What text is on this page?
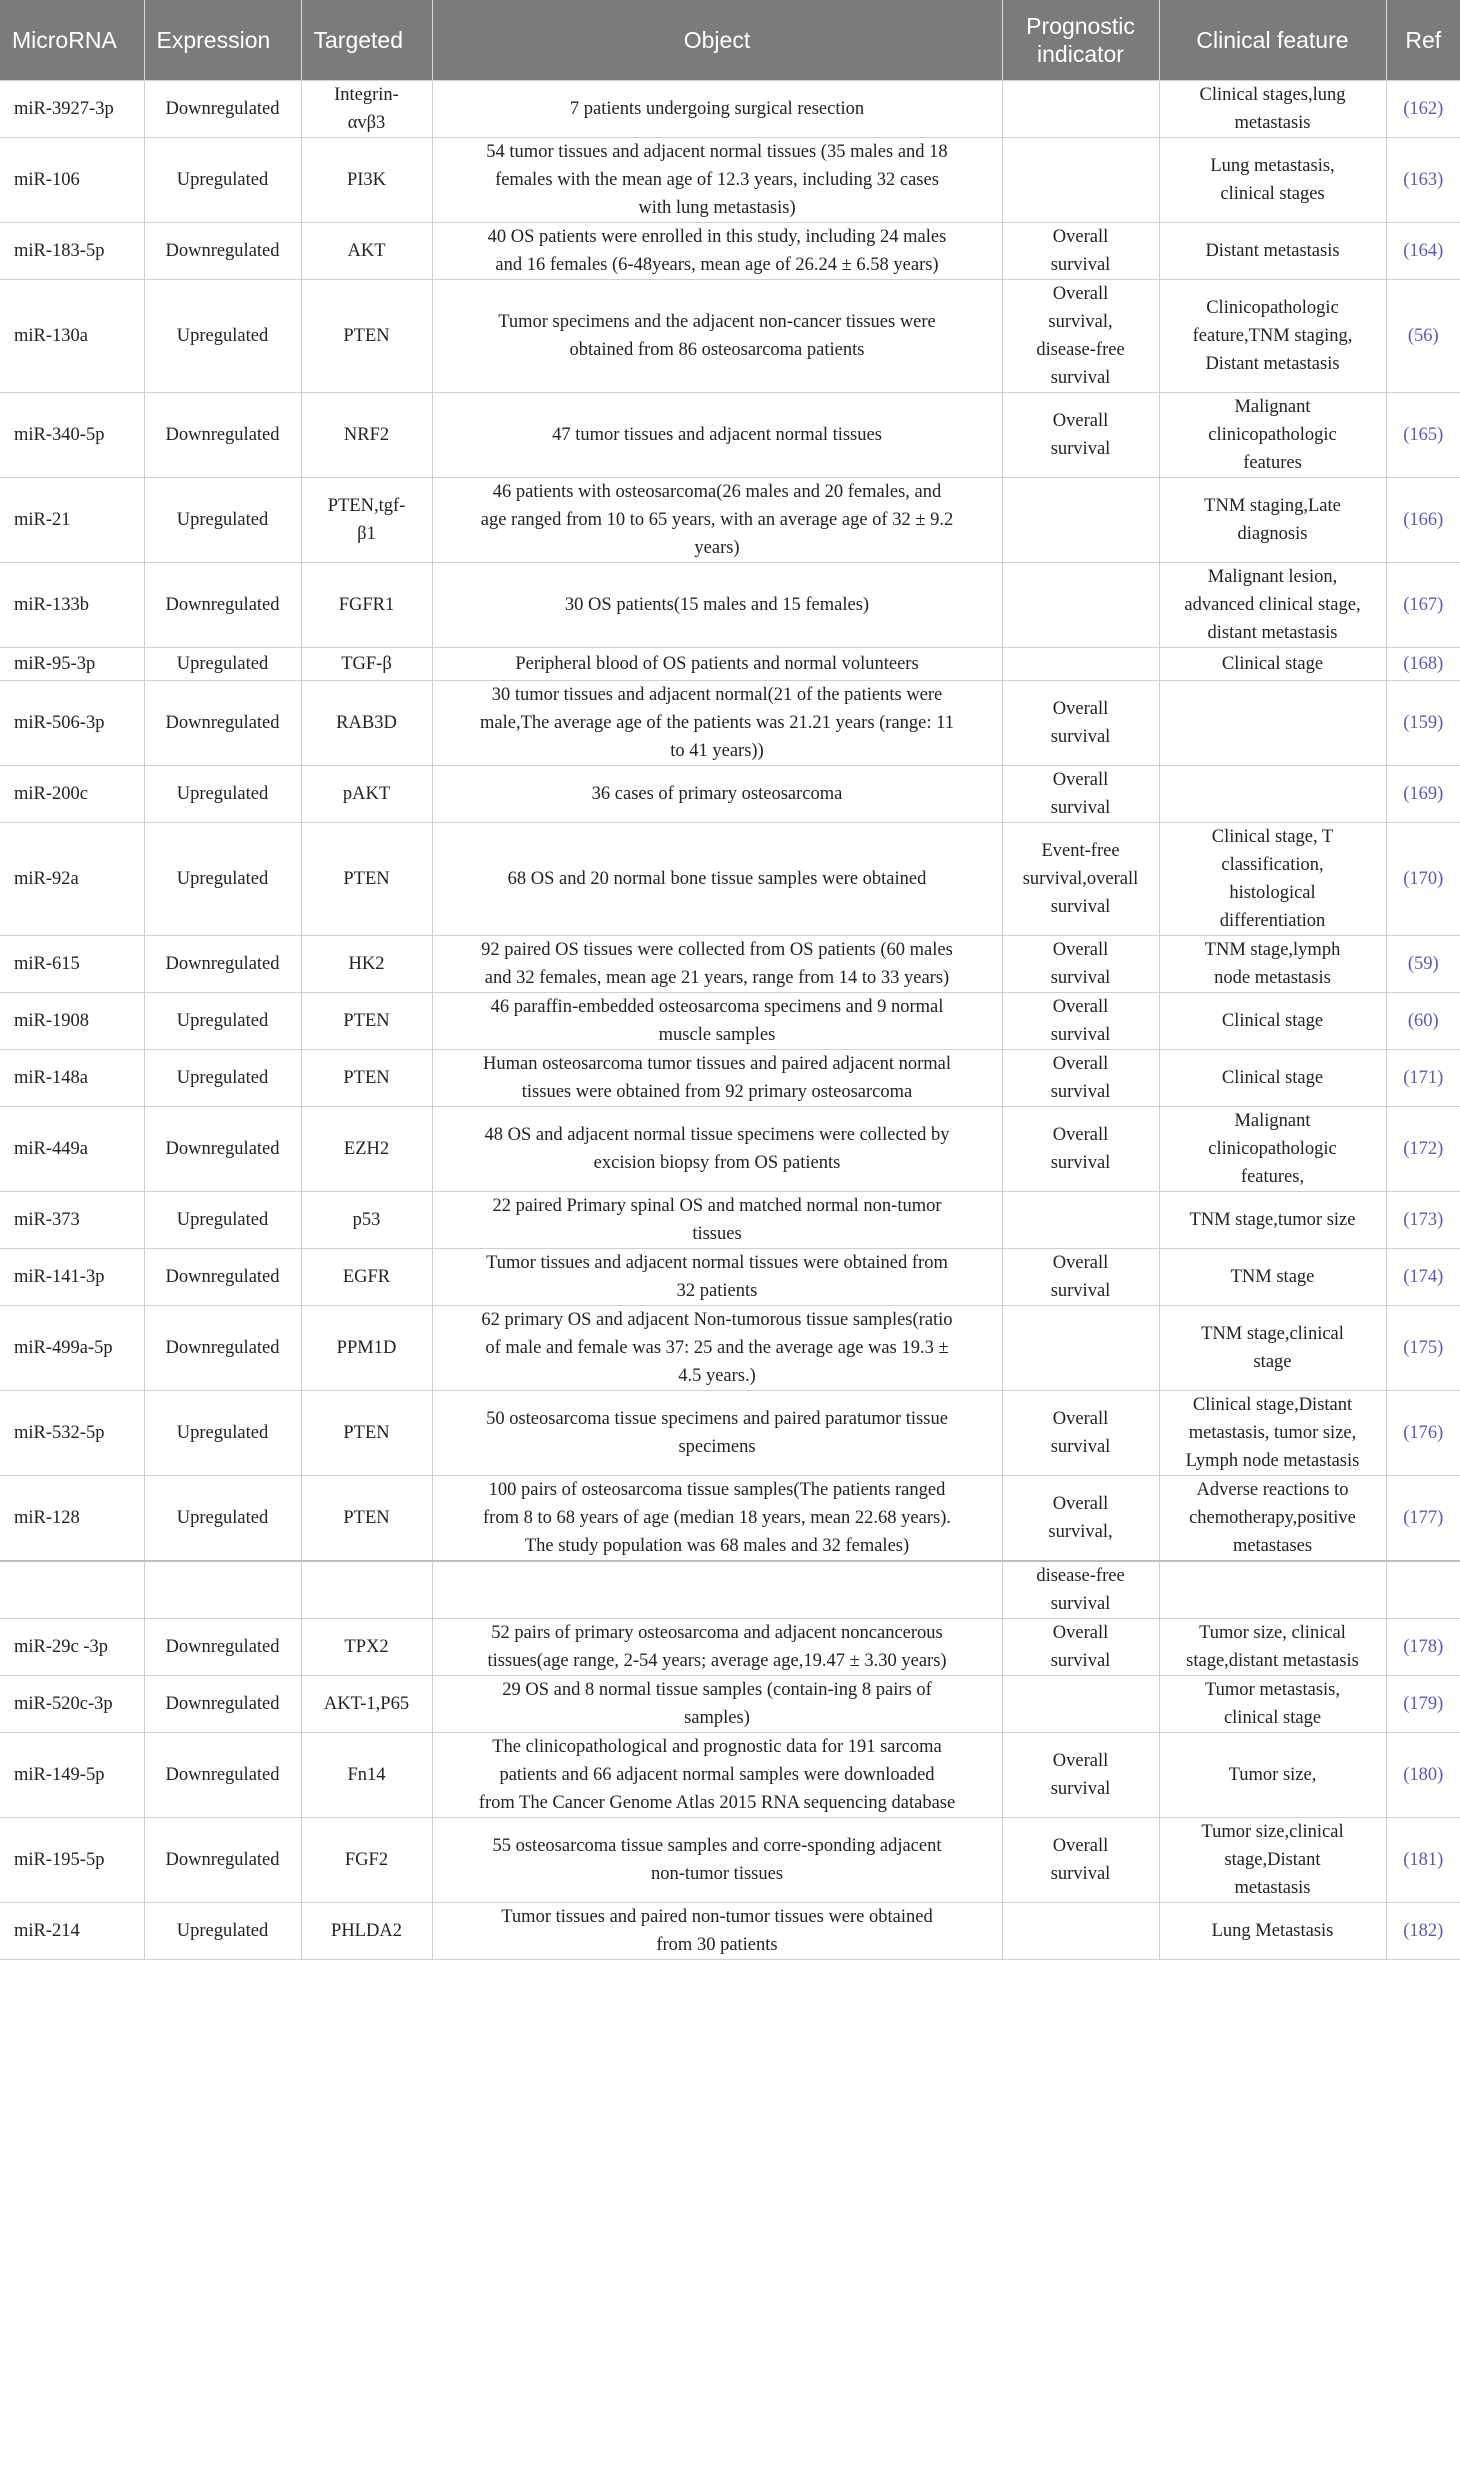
MicroRNA	Expression	Targeted	Object	Prognostic
indicator	Clinical feature	Ref
miR-3927-3p	Downregulated	Integrin-
αvβ3	7 patients undergoing surgical resection		Clinical stages,lung
metastasis	(162)
miR-106	Upregulated	PI3K	54 tumor tissues and adjacent normal tissues (35 males and 18
females with the mean age of 12.3 years, including 32 cases
with lung metastasis)		Lung metastasis,
clinical stages	(163)
miR-183-5p	Downregulated	AKT	40 OS patients were enrolled in this study, including 24 males
and 16 females (6-48years, mean age of 26.24 ± 6.58 years)	Overall
survival	Distant metastasis	(164)
miR-130a	Upregulated	PTEN	Tumor specimens and the adjacent non-cancer tissues were
obtained from 86 osteosarcoma patients	Overall
survival,
disease-free
survival	Clinicopathologic
feature,TNM staging,
Distant metastasis	(56)
miR-340-5p	Downregulated	NRF2	47 tumor tissues and adjacent normal tissues	Overall
survival	Malignant
clinicopathologic
features	(165)
miR-21	Upregulated	PTEN,tgf-
β1	46 patients with osteosarcoma(26 males and 20 females, and
age ranged from 10 to 65 years, with an average age of 32 ± 9.2
years)		TNM staging,Late
diagnosis	(166)
miR-133b	Downregulated	FGFR1	30 OS patients(15 males and 15 females)		Malignant lesion,
advanced clinical stage,
distant metastasis	(167)
miR-95-3p	Upregulated	TGF-β	Peripheral blood of OS patients and normal volunteers		Clinical stage	(168)
miR-506-3p	Downregulated	RAB3D	30 tumor tissues and adjacent normal(21 of the patients were
male,The average age of the patients was 21.21 years (range: 11
to 41 years))	Overall
survival		(159)
miR-200c	Upregulated	pAKT	36 cases of primary osteosarcoma	Overall
survival		(169)
miR-92a	Upregulated	PTEN	68 OS and 20 normal bone tissue samples were obtained	Event-free
survival,overall
survival	Clinical stage, T
classification,
histological
differentiation	(170)
miR-615	Downregulated	HK2	92 paired OS tissues were collected from OS patients (60 males
and 32 females, mean age 21 years, range from 14 to 33 years)	Overall
survival	TNM stage,lymph
node metastasis	(59)
miR-1908	Upregulated	PTEN	46 paraffin-embedded osteosarcoma specimens and 9 normal
muscle samples	Overall
survival	Clinical stage	(60)
miR-148a	Upregulated	PTEN	Human osteosarcoma tumor tissues and paired adjacent normal
tissues were obtained from 92 primary osteosarcoma	Overall
survival	Clinical stage	(171)
miR-449a	Downregulated	EZH2	48 OS and adjacent normal tissue specimens were collected by
excision biopsy from OS patients	Overall
survival	Malignant
clinicopathologic
features,	(172)
miR-373	Upregulated	p53	22 paired Primary spinal OS and matched normal non-tumor
tissues		TNM stage,tumor size	(173)
miR-141-3p	Downregulated	EGFR	Tumor tissues and adjacent normal tissues were obtained from
32 patients	Overall
survival	TNM stage	(174)
miR-499a-5p	Downregulated	PPM1D	62 primary OS and adjacent Non-tumorous tissue samples(ratio
of male and female was 37: 25 and the average age was 19.3 ±
4.5 years.)		TNM stage,clinical
stage	(175)
miR-532-5p	Upregulated	PTEN	50 osteosarcoma tissue specimens and paired paratumor tissue
specimens	Overall
survival	Clinical stage,Distant
metastasis, tumor size,
Lymph node metastasis	(176)
miR-128	Upregulated	PTEN	100 pairs of osteosarcoma tissue samples(The patients ranged
from 8 to 68 years of age (median 18 years, mean 22.68 years).
The study population was 68 males and 32 females)	Overall
survival,	Adverse reactions to
chemotherapy,positive
metastases	(177)
				disease-free
survival		
miR-29c -3p	Downregulated	TPX2	52 pairs of primary osteosarcoma and adjacent noncancerous
tissues(age range, 2-54 years; average age,19.47 ± 3.30 years)	Overall
survival	Tumor size, clinical
stage,distant metastasis	(178)
miR-520c-3p	Downregulated	AKT-1,P65	29 OS and 8 normal tissue samples (contain-ing 8 pairs of
samples)		Tumor metastasis,
clinical stage	(179)
miR-149-5p	Downregulated	Fn14	The clinicopathological and prognostic data for 191 sarcoma
patients and 66 adjacent normal samples were downloaded
from The Cancer Genome Atlas 2015 RNA sequencing database	Overall
survival	Tumor size,	(180)
miR-195-5p	Downregulated	FGF2	55 osteosarcoma tissue samples and corre-sponding adjacent
non-tumor tissues	Overall
survival	Tumor size,clinical
stage,Distant
metastasis	(181)
miR-214	Upregulated	PHLDA2	Tumor tissues and paired non-tumor tissues were obtained
from 30 patients		Lung Metastasis	(182)
